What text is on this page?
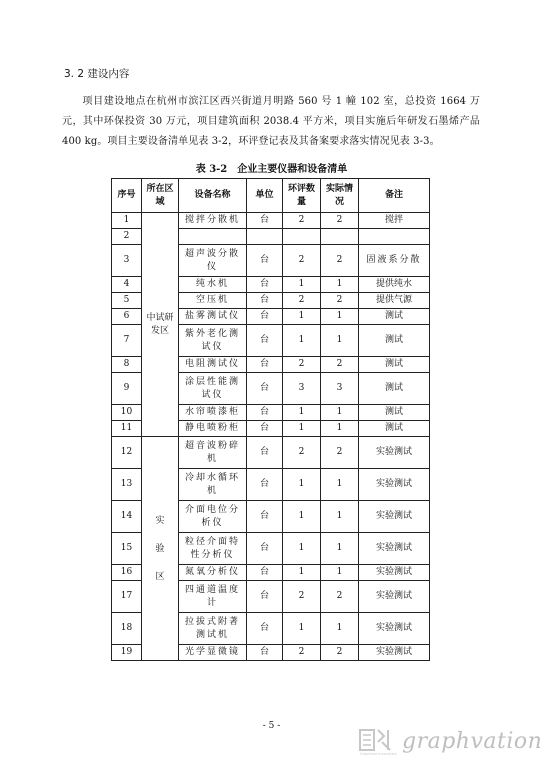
3. 2 建设内容
项目建设地点在杭州市滨江区西兴街道月明路 560 号 1 幢 102 室，总投资 1664 万元，其中环保投资 30 万元，项目建筑面积 2038.4 平方米，项目实施后年研发石墨烯产品 400 kg。项目主要设备清单见表 3-2，环评登记表及其备案要求落实情况见表 3-3。
表 3-2　企业主要仪器和设备清单
序号	所在区域	设备名称	单位	环评数量	实际情况	备注
1	中试研发区	搅拌分散机	台	2	2	搅拌
2						
3		超声波分散仪	台	2	2	固液系分散
4		纯水机	台	1	1	提供纯水
5		空压机	台	2	2	提供气源
6		盐雾测试仪	台	1	1	测试
7		紫外老化测试仪	台	1	1	测试
8		电阻测试仪	台	2	2	测试
9		涂层性能测试仪	台	3	3	测试
10		水帘喷漆柜	台	1	1	测试
11		静电喷粉柜	台	1	1	测试
12	实验区	超音波粉碎机	台	2	2	实验测试
13		冷却水循环机	台	1	1	实验测试
14		介面电位分析仪	台	1	1	实验测试
15		粒径介面特性分析仪	台	1	1	实验测试
16		氮氧分析仪	台	1	1	实验测试
17		四通道温度计	台	2	2	实验测试
18		拉拔式附著测试机	台	1	1	实验测试
19		光学显微镜	台	2	2	实验测试
- 5 -
Graphene Innovation
graphvation
